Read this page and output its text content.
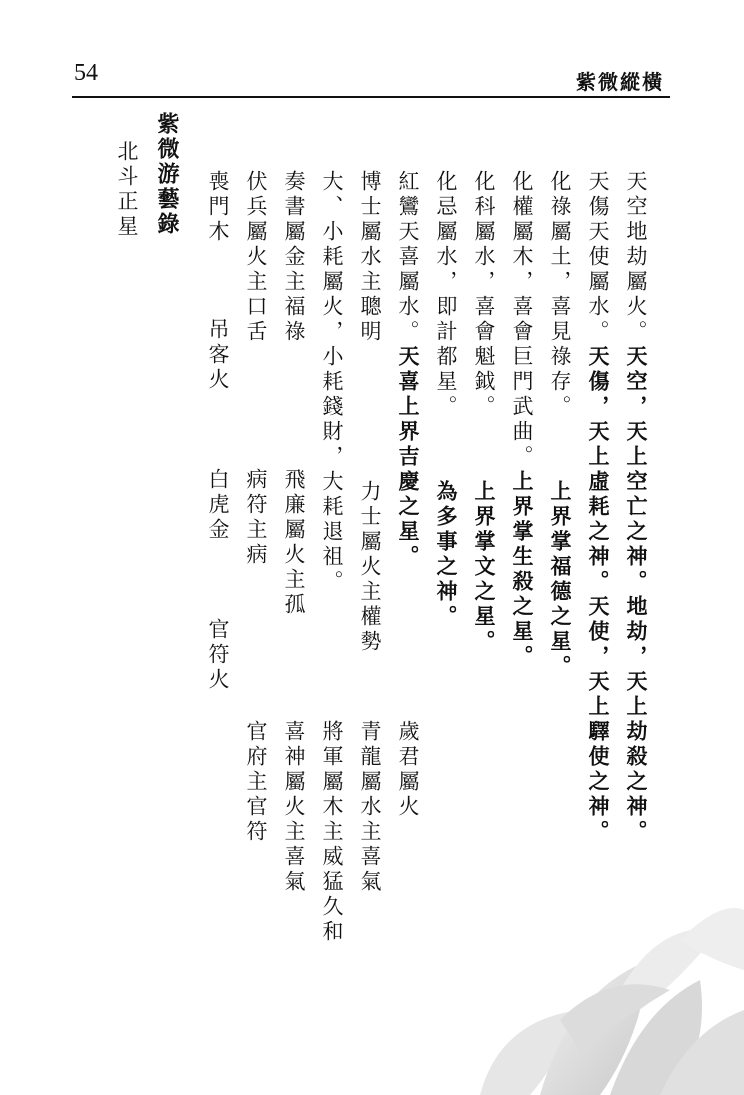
54	紫微縱橫
天空地劫屬火。天空，天上空亡之神。地劫，天上劫殺之神。
天傷天使屬水。天傷，天上虛耗之神。天使，天上驛使之神。
化祿屬土，喜見祿存。
上界掌福德之星。
化權屬木，喜會巨門武曲。上界掌生殺之星。
化科屬水，喜會魁鉞。
上界掌文之星。
化忌屬水，即計都星。
為多事之神。
紅鸞天喜屬水。天喜上界吉慶之星。
歲君屬火
博士屬水主聰明
力士屬火主權勢
青龍屬水主喜氣
大、小耗屬火，小耗錢財，大耗退祖。
將軍屬木主威猛久和
奏書屬金主福祿
飛廉屬火主孤
喜神屬火主喜氣
伏兵屬火主口舌
病符主病
官府主官符
喪門木
吊客火
白虎金
官符火
紫微游藝錄
北斗正星
